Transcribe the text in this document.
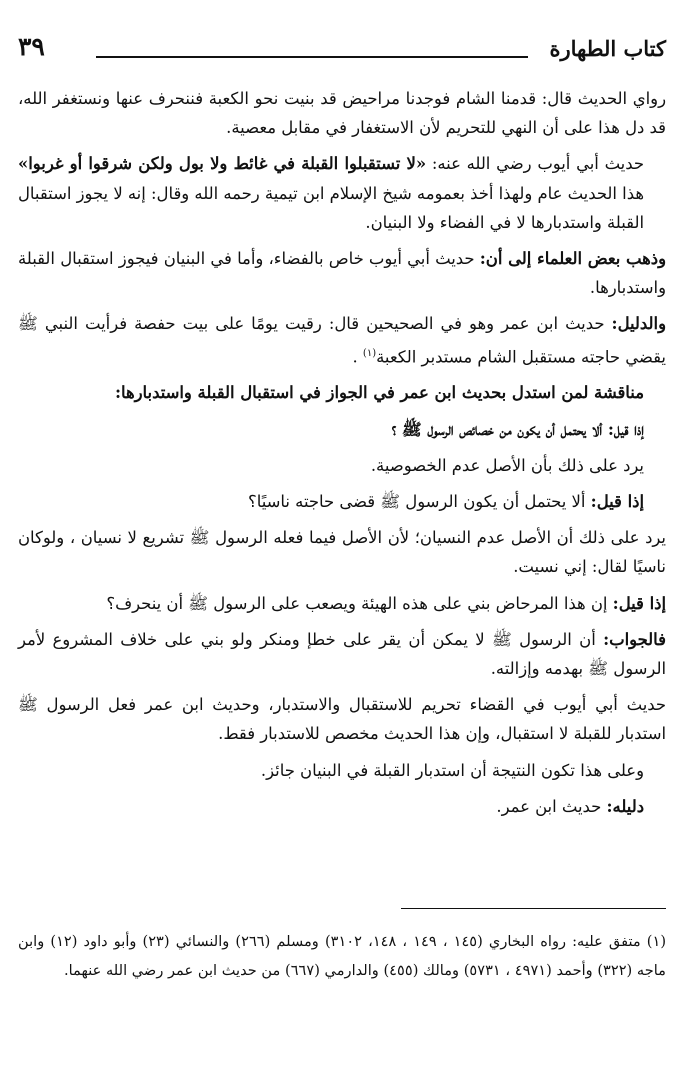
كتاب الطهارة
٣٩

رواي الحديث قال: قدمنا الشام فوجدنا مراحيض قد بنيت نحو الكعبة فننحرف عنها ونستغفر الله، قد دل هذا على أن النهي للتحريم لأن الاستغفار في مقابل معصية.

حديث أبي أيوب رضي الله عنه: «لا تستقبلوا القبلة في غائط ولا بول ولكن شرقوا أو غربوا» هذا الحديث عام ولهذا أخذ بعمومه شيخ الإسلام ابن تيمية رحمه الله وقال: إنه لا يجوز استقبال القبلة واستدبارها لا في الفضاء ولا البنيان.

وذهب بعض العلماء إلى أن: حديث أبي أيوب خاص بالفضاء، وأما في البنيان فيجوز استقبال القبلة واستدبارها.

والدليل: حديث ابن عمر وهو في الصحيحين قال: رقيت يومًا على بيت حفصة فرأيت النبي ﷺ يقضي حاجته مستقبل الشام مستدبر الكعبة$^{(١)}$ .

مناقشة لمن استدل بحديث ابن عمر في الجواز في استقبال القبلة واستدبارها:

إذا قيل: ألا يحتمل أن يكون من خصائص الرسول ﷺ ؟

يرد على ذلك بأن الأصل عدم الخصوصية.

إذا قيل: ألا يحتمل أن يكون الرسول ﷺ قضى حاجته ناسيًا؟

يرد على ذلك أن الأصل عدم النسيان؛ لأن الأصل فيما فعله الرسول ﷺ تشريع لا نسيان ، ولوكان ناسيًا لقال: إني نسيت.

إذا قيل: إن هذا المرحاض بني على هذه الهيئة ويصعب على الرسول ﷺ أن ينحرف؟

فالجواب: أن الرسول ﷺ لا يمكن أن يقر على خطإ ومنكر ولو بني على خلاف المشروع لأمر الرسول ﷺ بهدمه وإزالته.

حديث أبي أيوب في القضاء تحريم للاستقبال والاستدبار، وحديث ابن عمر فعل الرسول ﷺ استدبار للقبلة لا استقبال، وإن هذا الحديث مخصص للاستدبار فقط.

وعلى هذا تكون النتيجة أن استدبار القبلة في البنيان جائز.

دليله: حديث ابن عمر.

(١) متفق عليه: رواه البخاري (١٤٥ ، ١٤٩ ، ١٤٨، ٣١٠٢) ومسلم (٢٦٦) والنسائي (٢٣) وأبو داود (١٢) وابن ماجه (٣٢٢) وأحمد (٤٩٧١ ، ٥٧٣١) ومالك (٤٥٥) والدارمي (٦٦٧) من حديث ابن عمر رضي الله عنهما.
